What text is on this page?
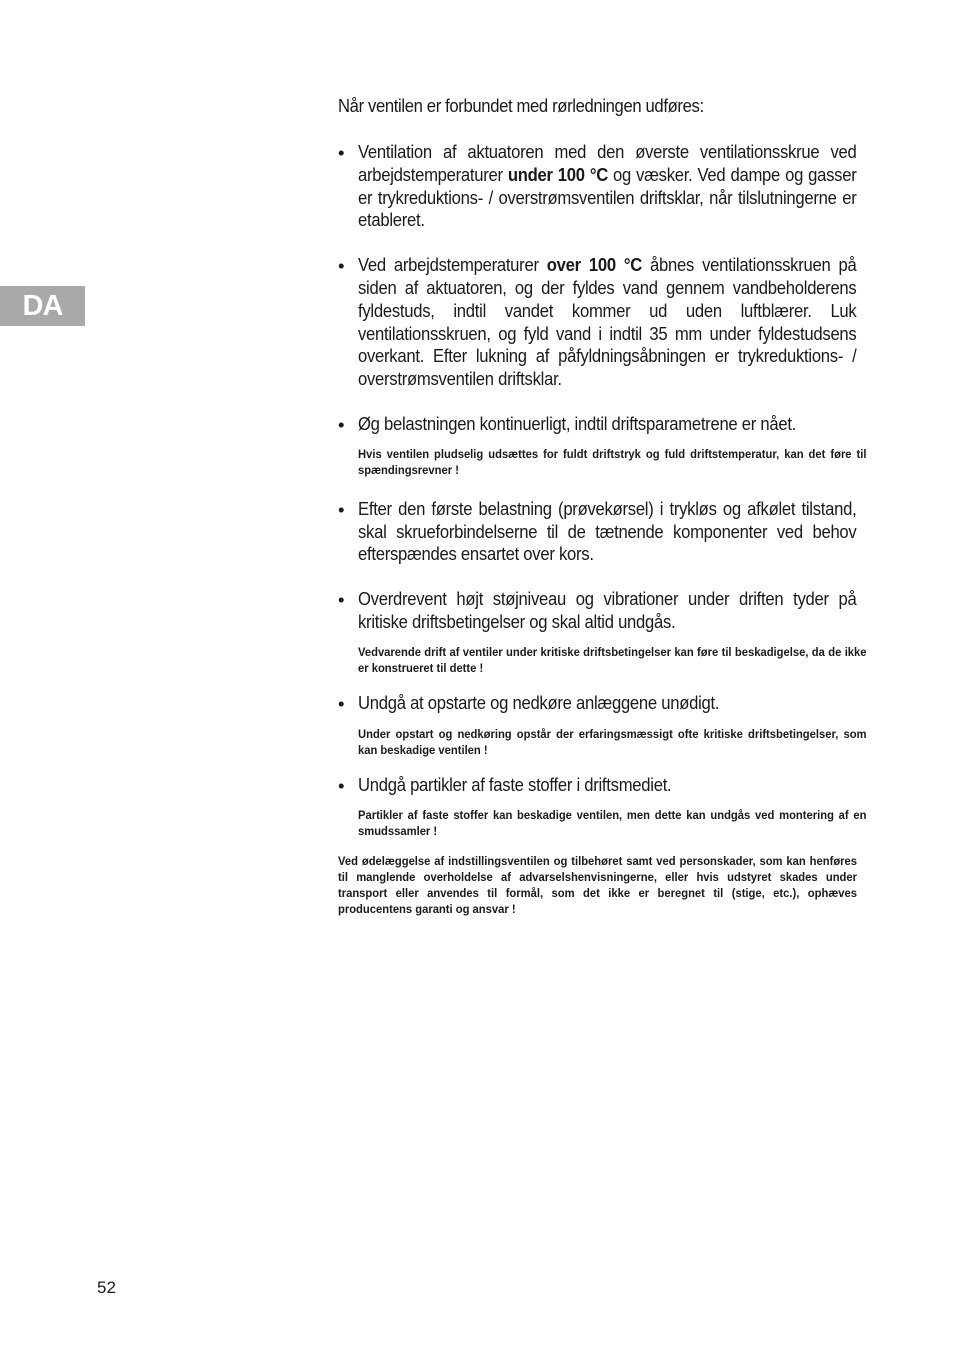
DA

Når ventilen er forbundet med rørledningen udføres:

• Ventilation af aktuatoren med den øverste ventilationsskrue ved arbejdstemperaturer under 100 °C og væsker. Ved dampe og gasser er trykreduktions- / overstrømsventilen driftsklar, når tilslutningerne er etableret.
• Ved arbejdstemperaturer over 100 °C åbnes ventilationsskruen på siden af aktuatoren, og der fyldes vand gennem vandbeholderens fyldestuds, indtil vandet kommer ud uden luftblærer. Luk ventilationsskruen, og fyld vand i indtil 35 mm under fyldestudsens overkant. Efter lukning af påfyldningsåbningen er trykreduktions- / overstrømsventilen driftsklar.
• Øg belastningen kontinuerligt, indtil driftsparametrene er nået.
Hvis ventilen pludselig udsættes for fuldt driftstryk og fuld driftstemperatur, kan det føre til spændingsrevner !
• Efter den første belastning (prøvekørsel) i trykløs og afkølet tilstand, skal skrueforbindelserne til de tætnende komponenter ved behov efterspændes ensartet over kors.
• Overdrevent højt støjniveau og vibrationer under driften tyder på kritiske driftsbetingelser og skal altid undgås.
Vedvarende drift af ventiler under kritiske driftsbetingelser kan føre til beskadigelse, da de ikke er konstrueret til dette !
• Undgå at opstarte og nedkøre anlæggene unødigt.
Under opstart og nedkøring opstår der erfaringsmæssigt ofte kritiske driftsbetingelser, som kan beskadige ventilen !
• Undgå partikler af faste stoffer i driftsmediet.
Partikler af faste stoffer kan beskadige ventilen, men dette kan undgås ved montering af en smudssamler !
Ved ødelæggelse af indstillingsventilen og tilbehøret samt ved personskader, som kan henføres til manglende overholdelse af advarselshenvisningerne, eller hvis udstyret skades under transport eller anvendes til formål, som det ikke er beregnet til (stige, etc.), ophæves producentens garanti og ansvar !
52
